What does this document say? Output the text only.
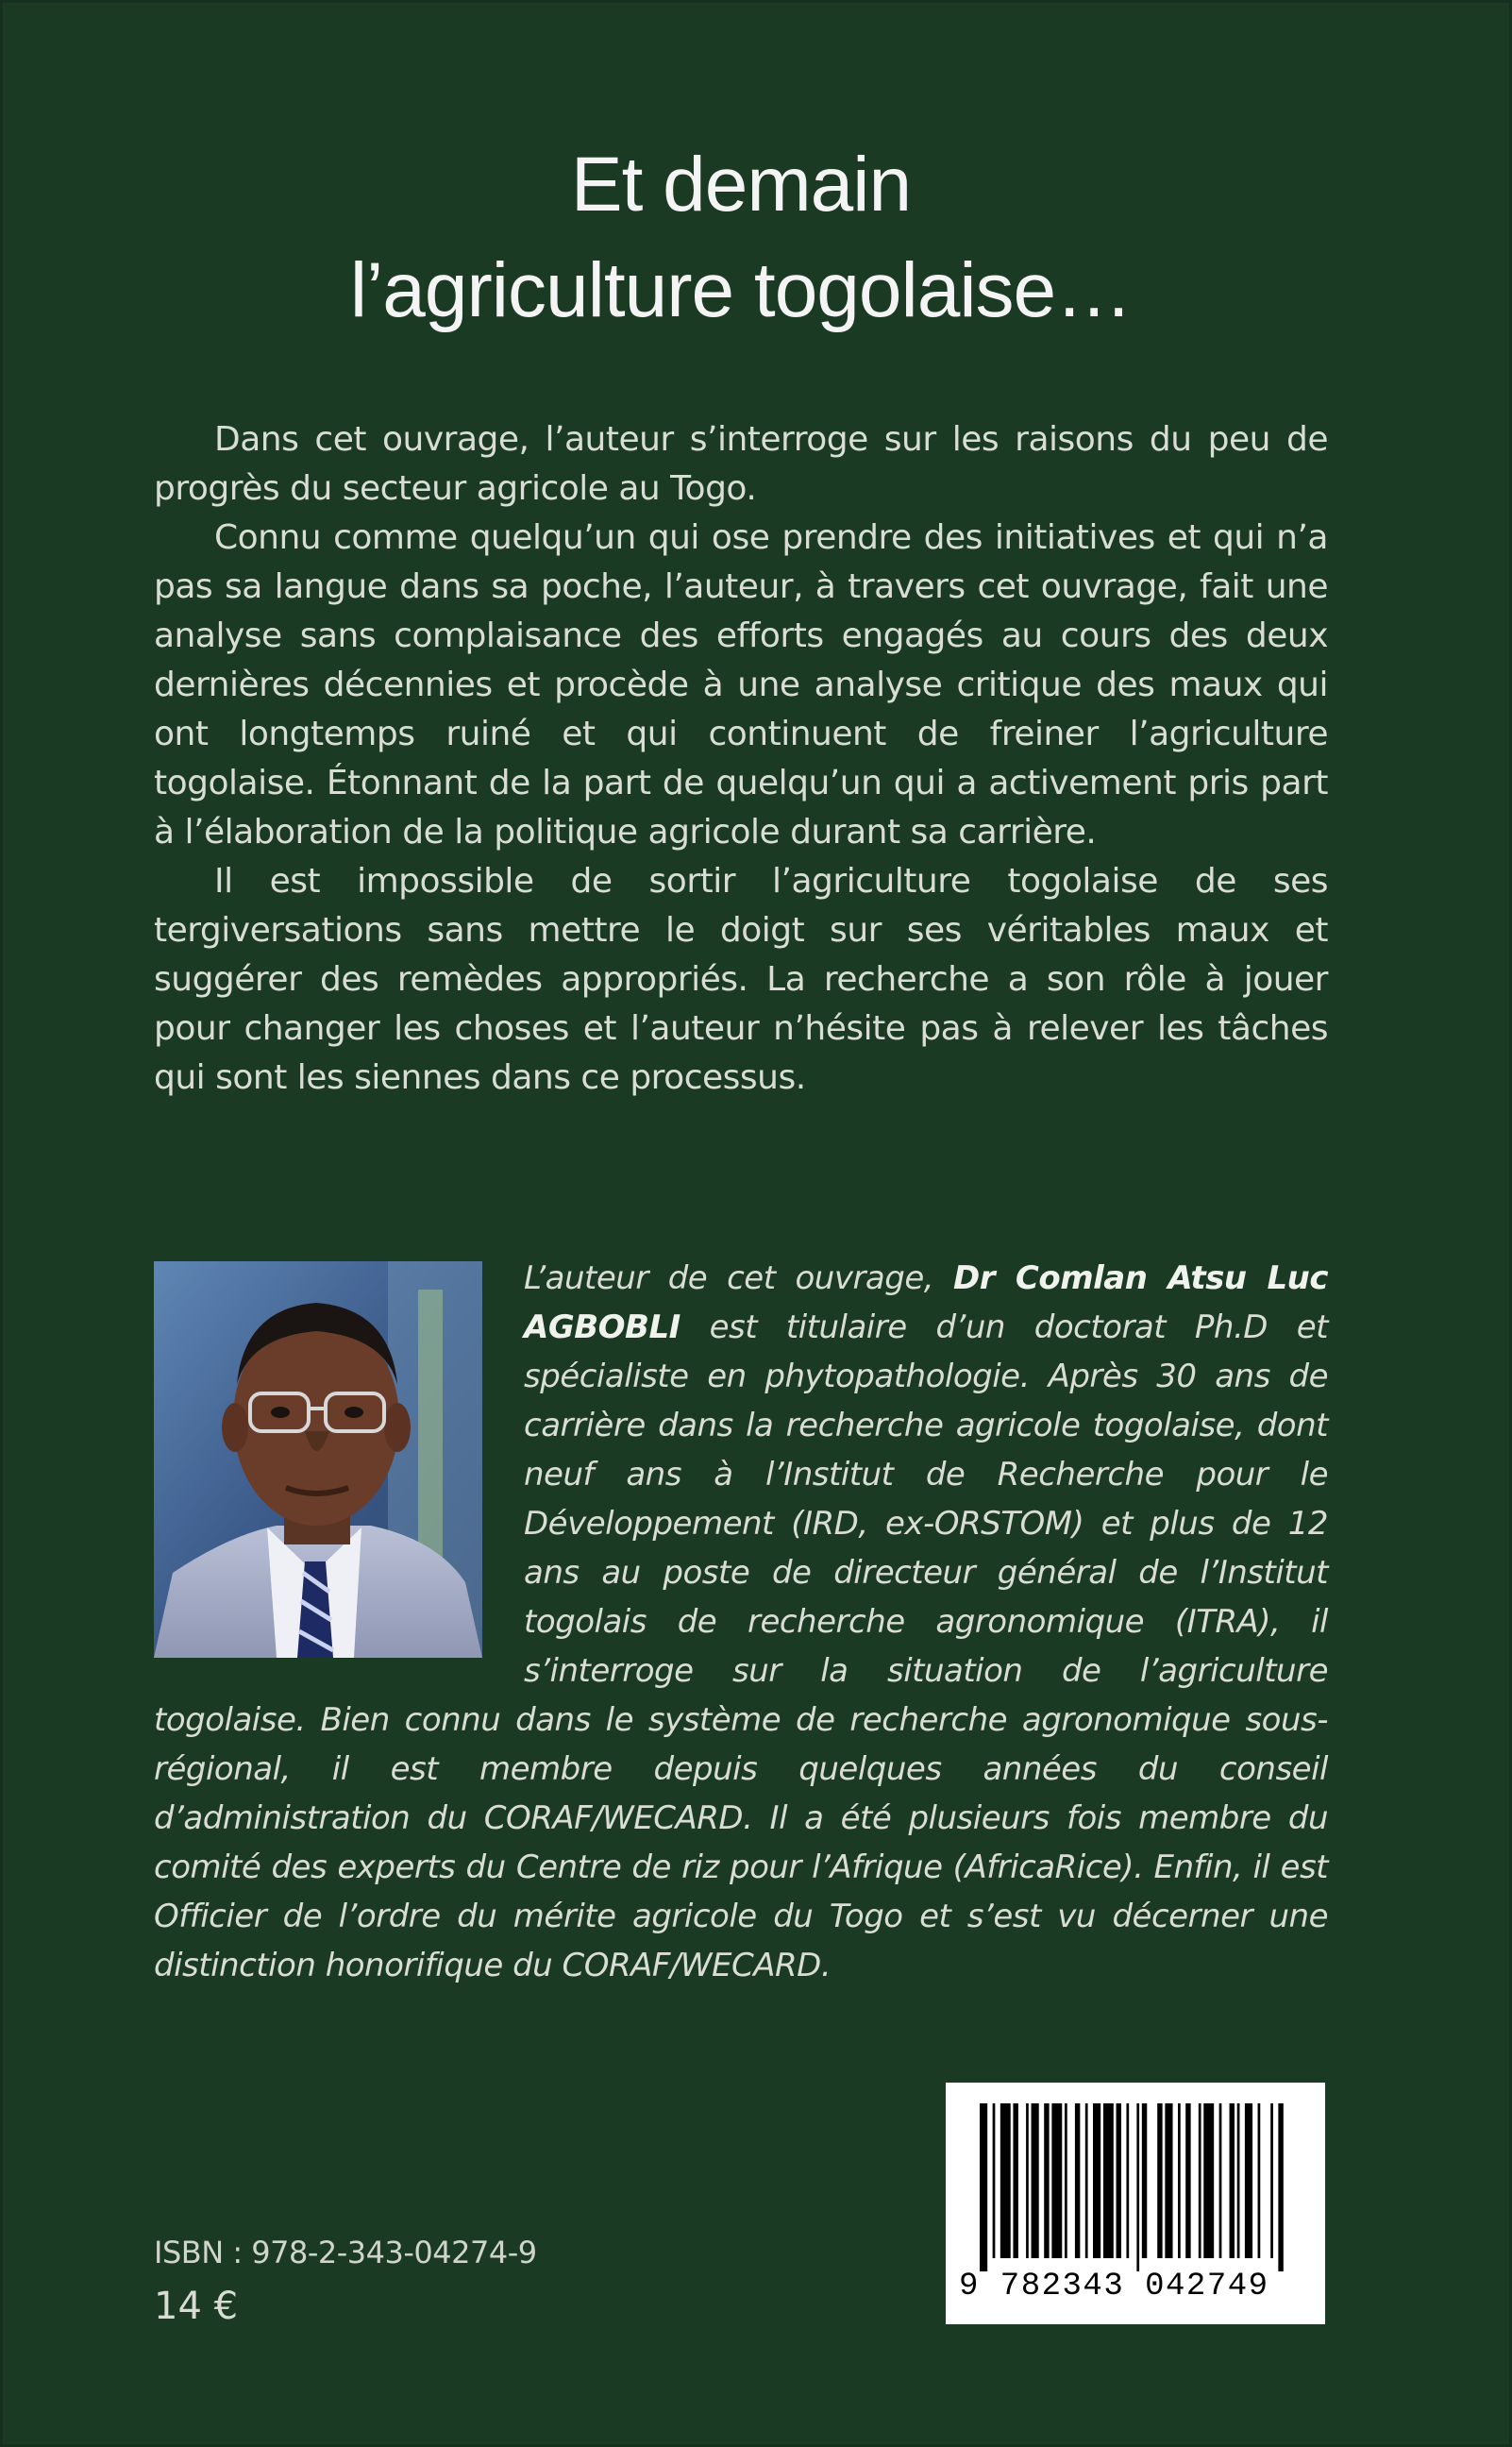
Et demain
l’agriculture togolaise…

Dans cet ouvrage, l’auteur s’interroge sur les raisons du peu de progrès du secteur agricole au Togo.

Connu comme quelqu’un qui ose prendre des initiatives et qui n’a pas sa langue dans sa poche, l’auteur, à travers cet ouvrage, fait une analyse sans complaisance des efforts engagés au cours des deux dernières décennies et procède à une analyse critique des maux qui ont longtemps ruiné et qui continuent de freiner l’agriculture togolaise. Étonnant de la part de quelqu’un qui a activement pris part à l’élaboration de la politique agricole durant sa carrière.

Il est impossible de sortir l’agriculture togolaise de ses tergiversations sans mettre le doigt sur ses véritables maux et suggérer des remèdes appropriés. La recherche a son rôle à jouer pour changer les choses et l’auteur n’hésite pas à relever les tâches qui sont les siennes dans ce processus.

L’auteur de cet ouvrage, Dr Comlan Atsu Luc AGBOBLI est titulaire d’un doctorat Ph.D et spécialiste en phytopathologie. Après 30 ans de carrière dans la recherche agricole togolaise, dont neuf ans à l’Institut de Recherche pour le Développement (IRD, ex-ORSTOM) et plus de 12 ans au poste de directeur général de l’Institut togolais de recherche agronomique (ITRA), il s’interroge sur la situation de l’agriculture togolaise. Bien connu dans le système de recherche agronomique sous-régional, il est membre depuis quelques années du conseil d’administration du CORAF/WECARD. Il a été plusieurs fois membre du comité des experts du Centre de riz pour l’Afrique (AfricaRice). Enfin, il est Officier de l’ordre du mérite agricole du Togo et s’est vu décerner une distinction honorifique du CORAF/WECARD.
ISBN : 978-2-343-04274-9
14 €	9 782343 042749
